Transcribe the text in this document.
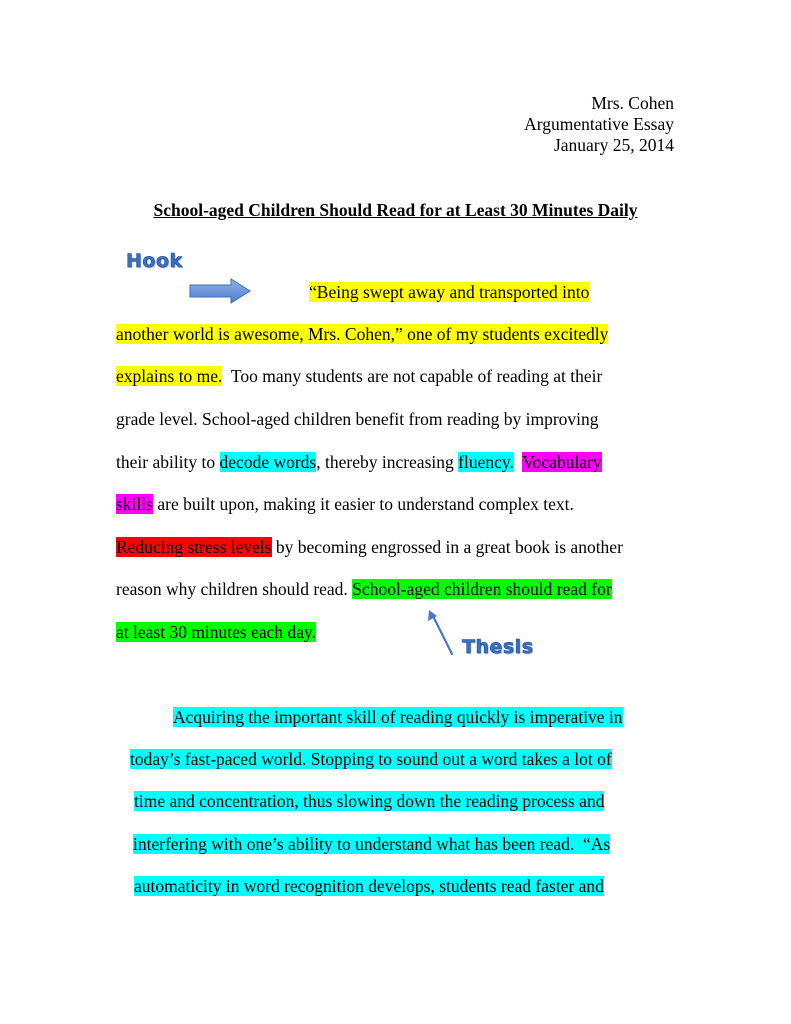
Mrs. Cohen
Argumentative Essay
January 25, 2014
School-aged Children Should Read for at Least 30 Minutes Daily
Hook
“Being swept away and transported into
another world is awesome, Mrs. Cohen,” one of my students excitedly
explains to me.  Too many students are not capable of reading at their
grade level. School-aged children benefit from reading by improving
their ability to decode words, thereby increasing fluency. Vocabulary
skills are built upon, making it easier to understand complex text.
Reducing stress levels by becoming engrossed in a great book is another
reason why children should read. School-aged children should read for
at least 30 minutes each day.
Thesis
Acquiring the important skill of reading quickly is imperative in
today’s fast-paced world. Stopping to sound out a word takes a lot of
time and concentration, thus slowing down the reading process and
interfering with one’s ability to understand what has been read.  “As
automaticity in word recognition develops, students read faster and
